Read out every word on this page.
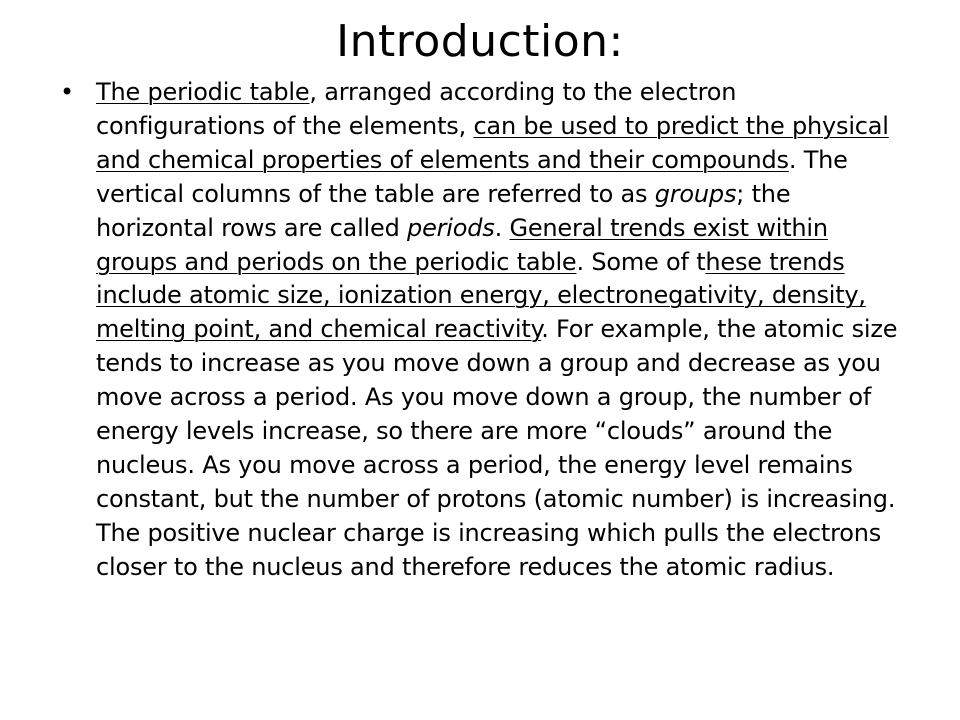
Introduction:
• The periodic table, arranged according to the electron configurations of the elements, can be used to predict the physical and chemical properties of elements and their compounds. The vertical columns of the table are referred to as groups; the horizontal rows are called periods. General trends exist within groups and periods on the periodic table. Some of these trends include atomic size, ionization energy, electronegativity, density, melting point, and chemical reactivity. For example, the atomic size tends to increase as you move down a group and decrease as you move across a period. As you move down a group, the number of energy levels increase, so there are more “clouds” around the nucleus. As you move across a period, the energy level remains constant, but the number of protons (atomic number) is increasing. The positive nuclear charge is increasing which pulls the electrons closer to the nucleus and therefore reduces the atomic radius.
